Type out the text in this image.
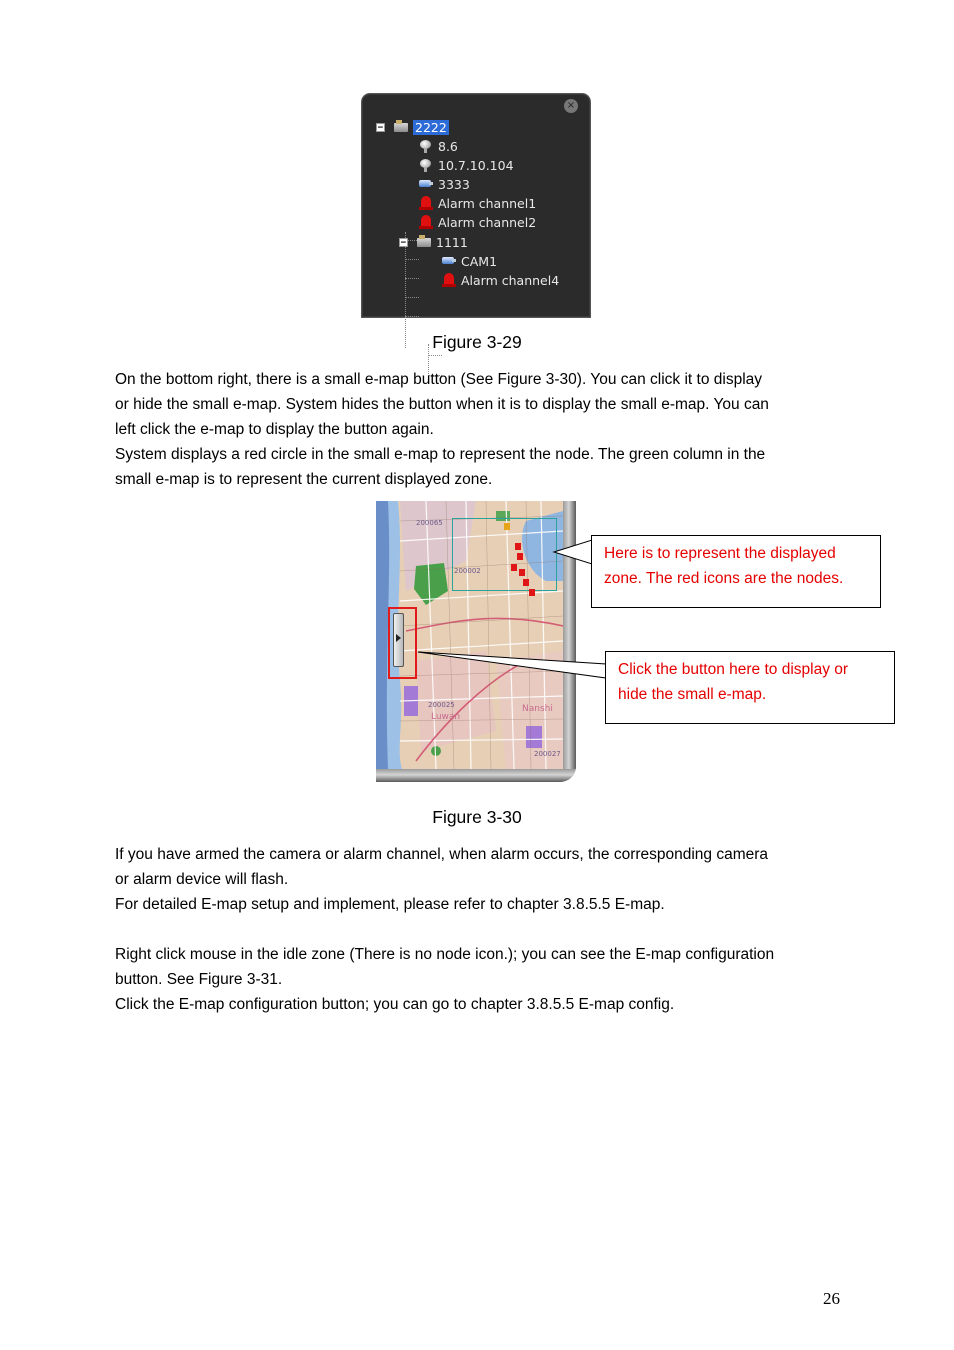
×
−	2222
8.6
10.7.10.104
3333
Alarm channel1
Alarm channel2
− 1111
CAM1
Alarm channel4
Figure 3-29
On the bottom right, there is a small e-map button (See Figure 3-30). You can click it to display
or hide the small e-map. System hides the button when it is to display the small e-map. You can
left click the e-map to display the button again.
System displays a red circle in the small e-map to represent the node. The green column in the
small e-map is to represent the current displayed zone.
200065
200002
200025
Luwan
Nanshi
200027
Here is to represent the displayed
zone. The red icons are the nodes.
Click the button here to display or
hide the small e-map.
Figure 3-30
If you have armed the camera or alarm channel, when alarm occurs, the corresponding camera
or alarm device will flash.
For detailed E-map setup and implement, please refer to chapter 3.8.5.5 E-map.
Right click mouse in the idle zone (There is no node icon.); you can see the E-map configuration
button. See Figure 3-31.
Click the E-map configuration button; you can go to chapter 3.8.5.5 E-map config.
26
